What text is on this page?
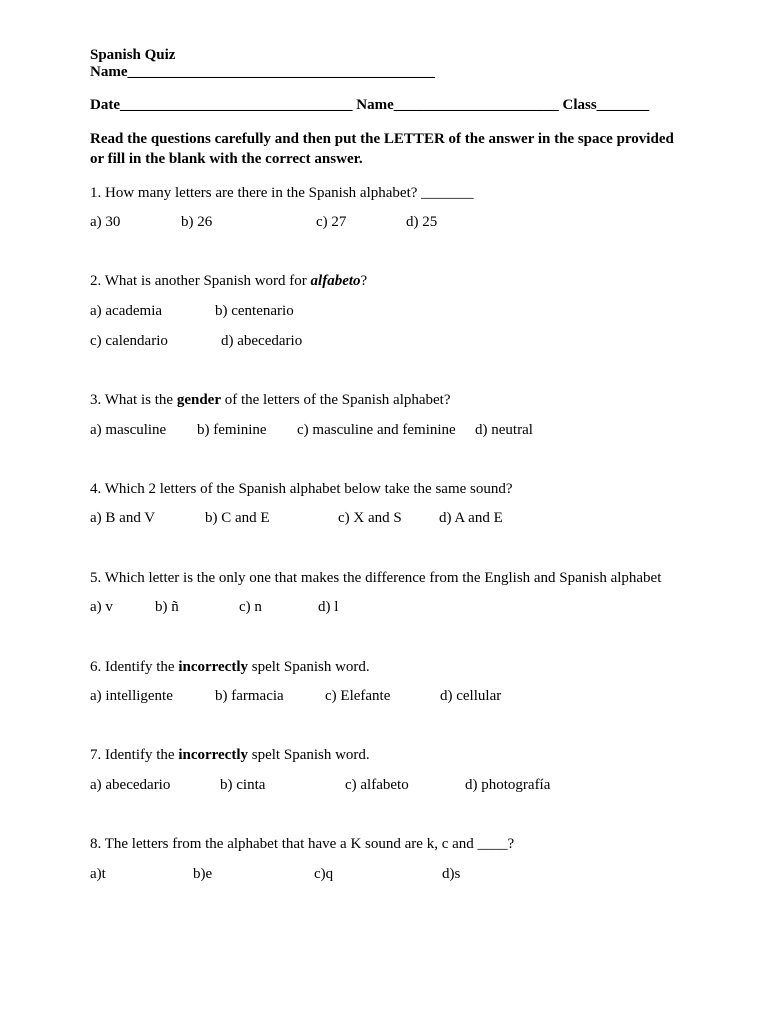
Spanish Quiz
Name_________________________________________
Date_______________________________ Name______________________ Class_______
Read the questions carefully and then put the LETTER of the answer in the space provided or fill in the blank with the correct answer.
1. How many letters are there in the Spanish alphabet? _______
a) 30	b) 26	c) 27	d) 25
2. What is another Spanish word for alfabeto?
a) academia	b) centenario
c) calendario	d) abecedario
3. What is the gender of the letters of the Spanish alphabet?
a) masculine b) feminine c) masculine and feminine d) neutral
4. Which 2 letters of the Spanish alphabet below take the same sound?
a) B and V	b) C and E	c) X and S d) A and E
5. Which letter is the only one that makes the difference from the English and Spanish alphabet
a) v	b) ñ	c) n	d) l
6. Identify the incorrectly spelt Spanish word.
a) intelligente	b) farmacia	c) Elefante	d) cellular
7. Identify the incorrectly spelt Spanish word.
a) abecedario	b) cinta	c) alfabeto	d) photografía
8. The letters from the alphabet that have a K sound are k, c and ____?
a)t	b)e	c)q	d)s
